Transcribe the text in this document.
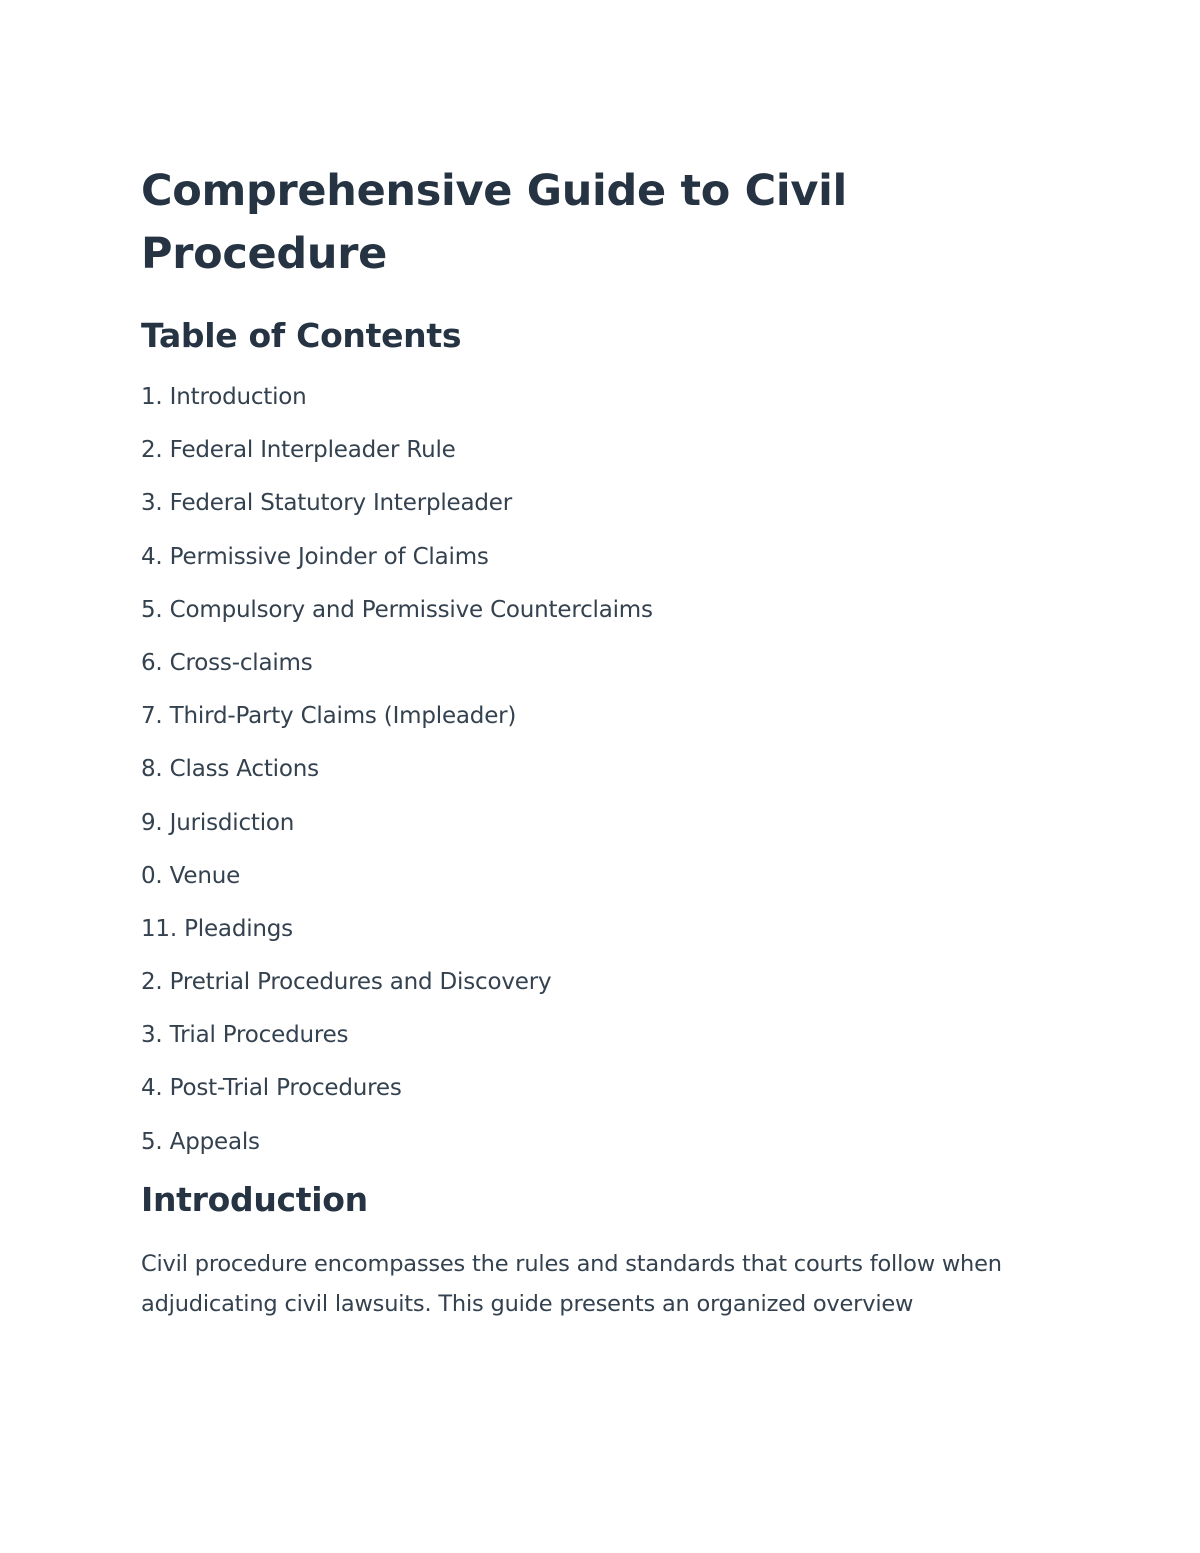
Comprehensive Guide to Civil Procedure
Table of Contents
1. Introduction
2. Federal Interpleader Rule
3. Federal Statutory Interpleader
4. Permissive Joinder of Claims
5. Compulsory and Permissive Counterclaims
6. Cross-claims
7. Third-Party Claims (Impleader)
8. Class Actions
9. Jurisdiction
0. Venue
11. Pleadings
2. Pretrial Procedures and Discovery
3. Trial Procedures
4. Post-Trial Procedures
5. Appeals
Introduction

Civil procedure encompasses the rules and standards that courts follow when adjudicating civil lawsuits. This guide presents an organized overview
